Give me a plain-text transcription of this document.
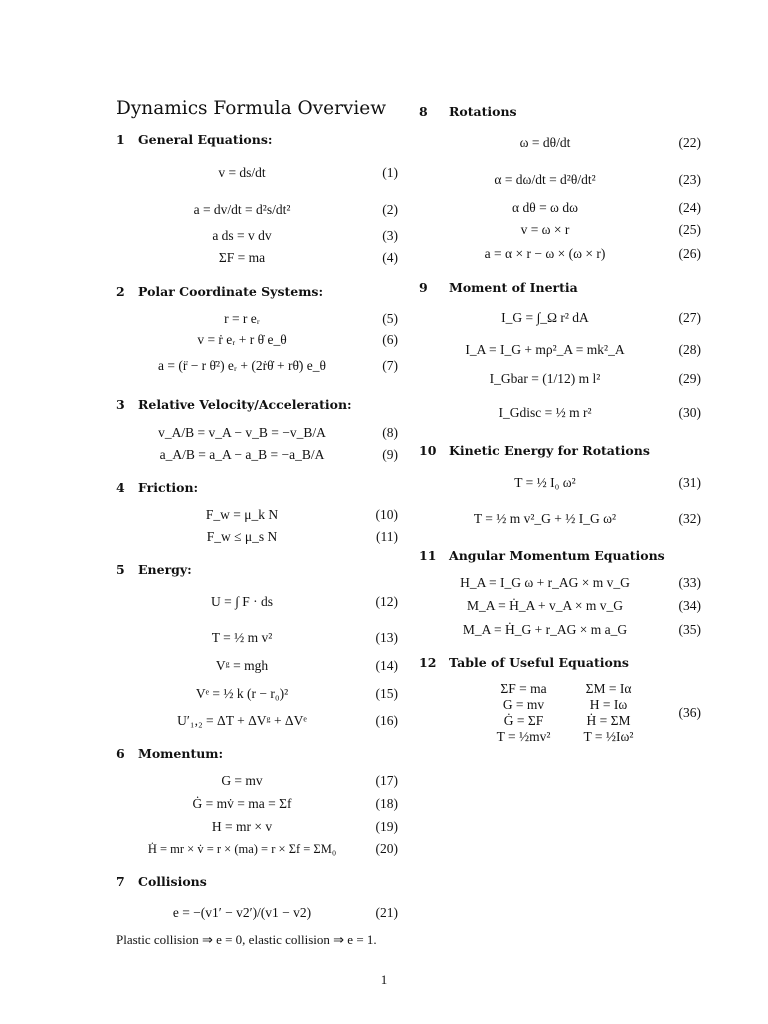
Dynamics Formula Overview
1 General Equations:
v = ds/dt	(1)
a = dv/dt = d²s/dt²	(2)
a ds = v dv	(3)
ΣF = ma	(4)
2 Polar Coordinate Systems:
r = r eᵣ	(5)
v = ṙ eᵣ + r θ̇ e_θ	(6)
a = (r̈ − r θ̇²) eᵣ + (2ṙθ̇ + rθ̈) e_θ	(7)
3 Relative Velocity/Acceleration:
v_A/B = v_A − v_B = −v_B/A	(8)
a_A/B = a_A − a_B = −a_B/A	(9)
4 Friction:
F_w = μ_k N	(10)
F_w ≤ μ_s N	(11)
5 Energy:
U = ∫ F · ds	(12)
T = ½ m v²	(13)
Vᵍ = mgh	(14)
Vᵉ = ½ k (r − r₀)²	(15)
U′₁,₂ = ΔT + ΔVᵍ + ΔVᵉ	(16)
6 Momentum:
G = mv	(17)
Ġ = mv̇ = ma = Σf	(18)
H = mr × v	(19)
Ḣ = mr × v̇ = r × (ma) = r × Σf = ΣM₀	(20)
7 Collisions
e = −(v1′ − v2′)/(v1 − v2)	(21)
Plastic collision ⇒ e = 0, elastic collision ⇒ e = 1.
8 Rotations
ω = dθ/dt	(22)
α = dω/dt = d²θ/dt²	(23)
α dθ = ω dω	(24)
v = ω × r	(25)
a = α × r − ω × (ω × r)	(26)
9 Moment of Inertia
I_G = ∫_Ω r² dA	(27)
I_A = I_G + mρ²_A = mk²_A	(28)
I_Gbar = (1/12) m l²	(29)
I_Gdisc = ½ m r²	(30)
10 Kinetic Energy for Rotations
T = ½ I₀ ω²	(31)
T = ½ m v²_G + ½ I_G ω²	(32)
11 Angular Momentum Equations
H_A = I_G ω + r_AG × m v_G	(33)
M_A = Ḣ_A + v_A × m v_G	(34)
M_A = Ḣ_G + r_AG × m a_G	(35)
12 Table of Useful Equations
ΣF = ma	ΣM = Iα
G = mv	H = Iω
Ġ = ΣF	Ḣ = ΣM
T = ½mv²	T = ½Iω²
(36)
1
